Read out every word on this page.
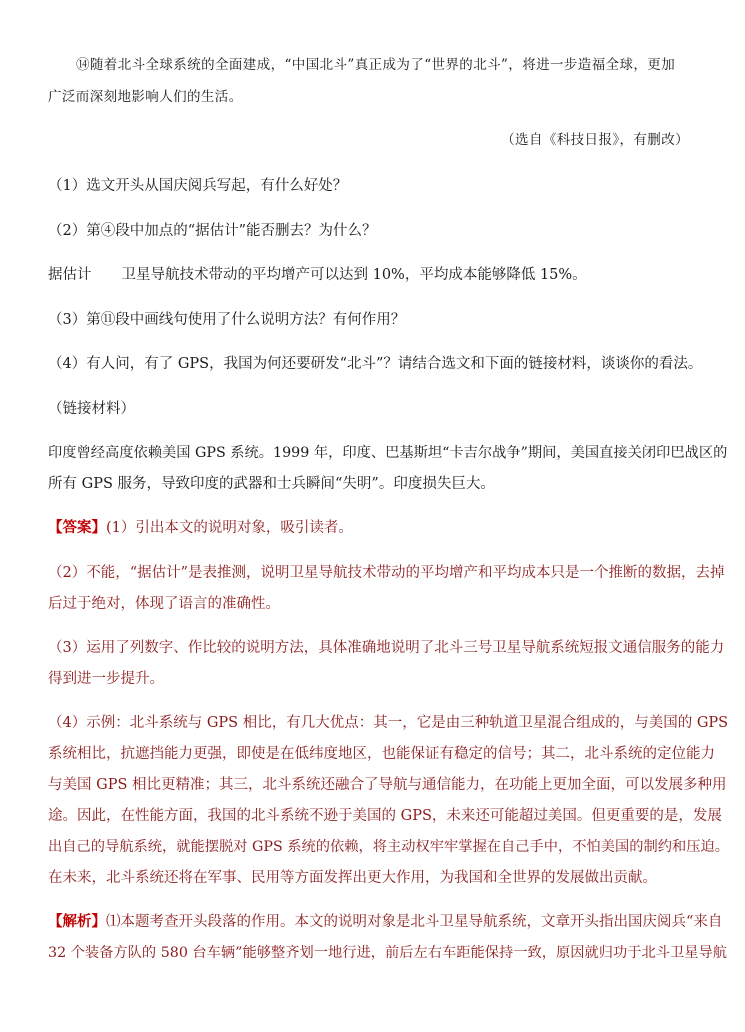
⑭随着北斗全球系统的全面建成，“中国北斗”真正成为了“世界的北斗”，将进一步造福全球，更加
广泛而深刻地影响人们的生活。
（选自《科技日报》，有删改）
（1）选文开头从国庆阅兵写起，有什么好处？
（2）第④段中加点的“据估计”能否删去？为什么？
据估计 卫星导航技术带动的平均增产可以达到 10%，平均成本能够降低 15%。
（3）第⑪段中画线句使用了什么说明方法？有何作用？
（4）有人问，有了 GPS，我国为何还要研发“北斗”？请结合选文和下面的链接材料，谈谈你的看法。
（链接材料）
印度曾经高度依赖美国 GPS 系统。1999 年，印度、巴基斯坦“卡吉尔战争”期间，美国直接关闭印巴战区的
所有 GPS 服务，导致印度的武器和士兵瞬间“失明”。印度损失巨大。
【答案】(1）引出本文的说明对象，吸引读者。
（2）不能，“据估计”是表推测，说明卫星导航技术带动的平均增产和平均成本只是一个推断的数据，去掉
后过于绝对，体现了语言的准确性。
（3）运用了列数字、作比较的说明方法，具体准确地说明了北斗三号卫星导航系统短报文通信服务的能力
得到进一步提升。
（4）示例：北斗系统与 GPS 相比，有几大优点：其一，它是由三种轨道卫星混合组成的，与美国的 GPS
系统相比，抗遮挡能力更强，即使是在低纬度地区，也能保证有稳定的信号；其二，北斗系统的定位能力
与美国 GPS 相比更精准；其三，北斗系统还融合了导航与通信能力，在功能上更加全面，可以发展多种用
途。因此，在性能方面，我国的北斗系统不逊于美国的 GPS，未来还可能超过美国。但更重要的是，发展
出自己的导航系统，就能摆脱对 GPS 系统的依赖，将主动权牢牢掌握在自己手中，不怕美国的制约和压迫。
在未来，北斗系统还将在军事、民用等方面发挥出更大作用，为我国和全世界的发展做出贡献。
【解析】⑴本题考查开头段落的作用。本文的说明对象是北斗卫星导航系统，文章开头指出国庆阅兵“来自
32 个装备方队的 580 台车辆”能够整齐划一地行进，前后左右车距能保持一致，原因就归功于北斗卫星导航
